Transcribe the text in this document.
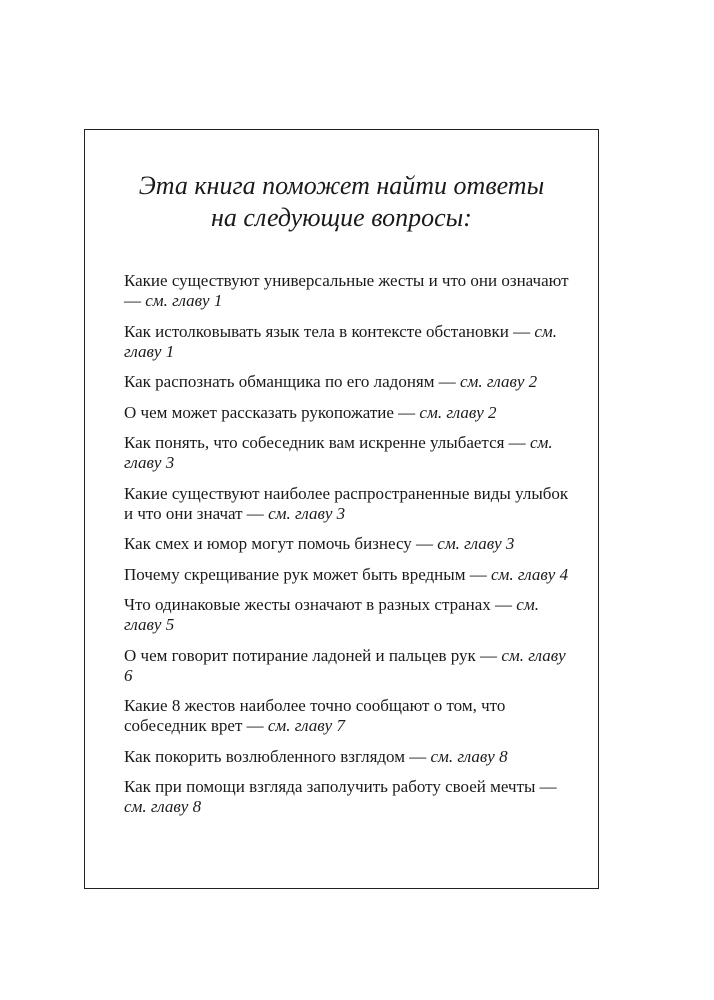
Эта книга поможет найти ответы
на следующие вопросы:
Какие существуют универсальные жесты и что они означают — см. главу 1
Как истолковывать язык тела в контексте обстановки — см. главу 1
Как распознать обманщика по его ладоням — см. главу 2
О чем может рассказать рукопожатие — см. главу 2
Как понять, что собеседник вам искренне улыбается — см. главу 3
Какие существуют наиболее распространенные виды улыбок и что они значат — см. главу 3
Как смех и юмор могут помочь бизнесу — см. главу 3
Почему скрещивание рук может быть вредным — см. главу 4
Что одинаковые жесты означают в разных странах — см. главу 5
О чем говорит потирание ладоней и пальцев рук — см. главу 6
Какие 8 жестов наиболее точно сообщают о том, что собеседник врет — см. главу 7
Как покорить возлюбленного взглядом — см. главу 8
Как при помощи взгляда заполучить работу своей мечты — см. главу 8
